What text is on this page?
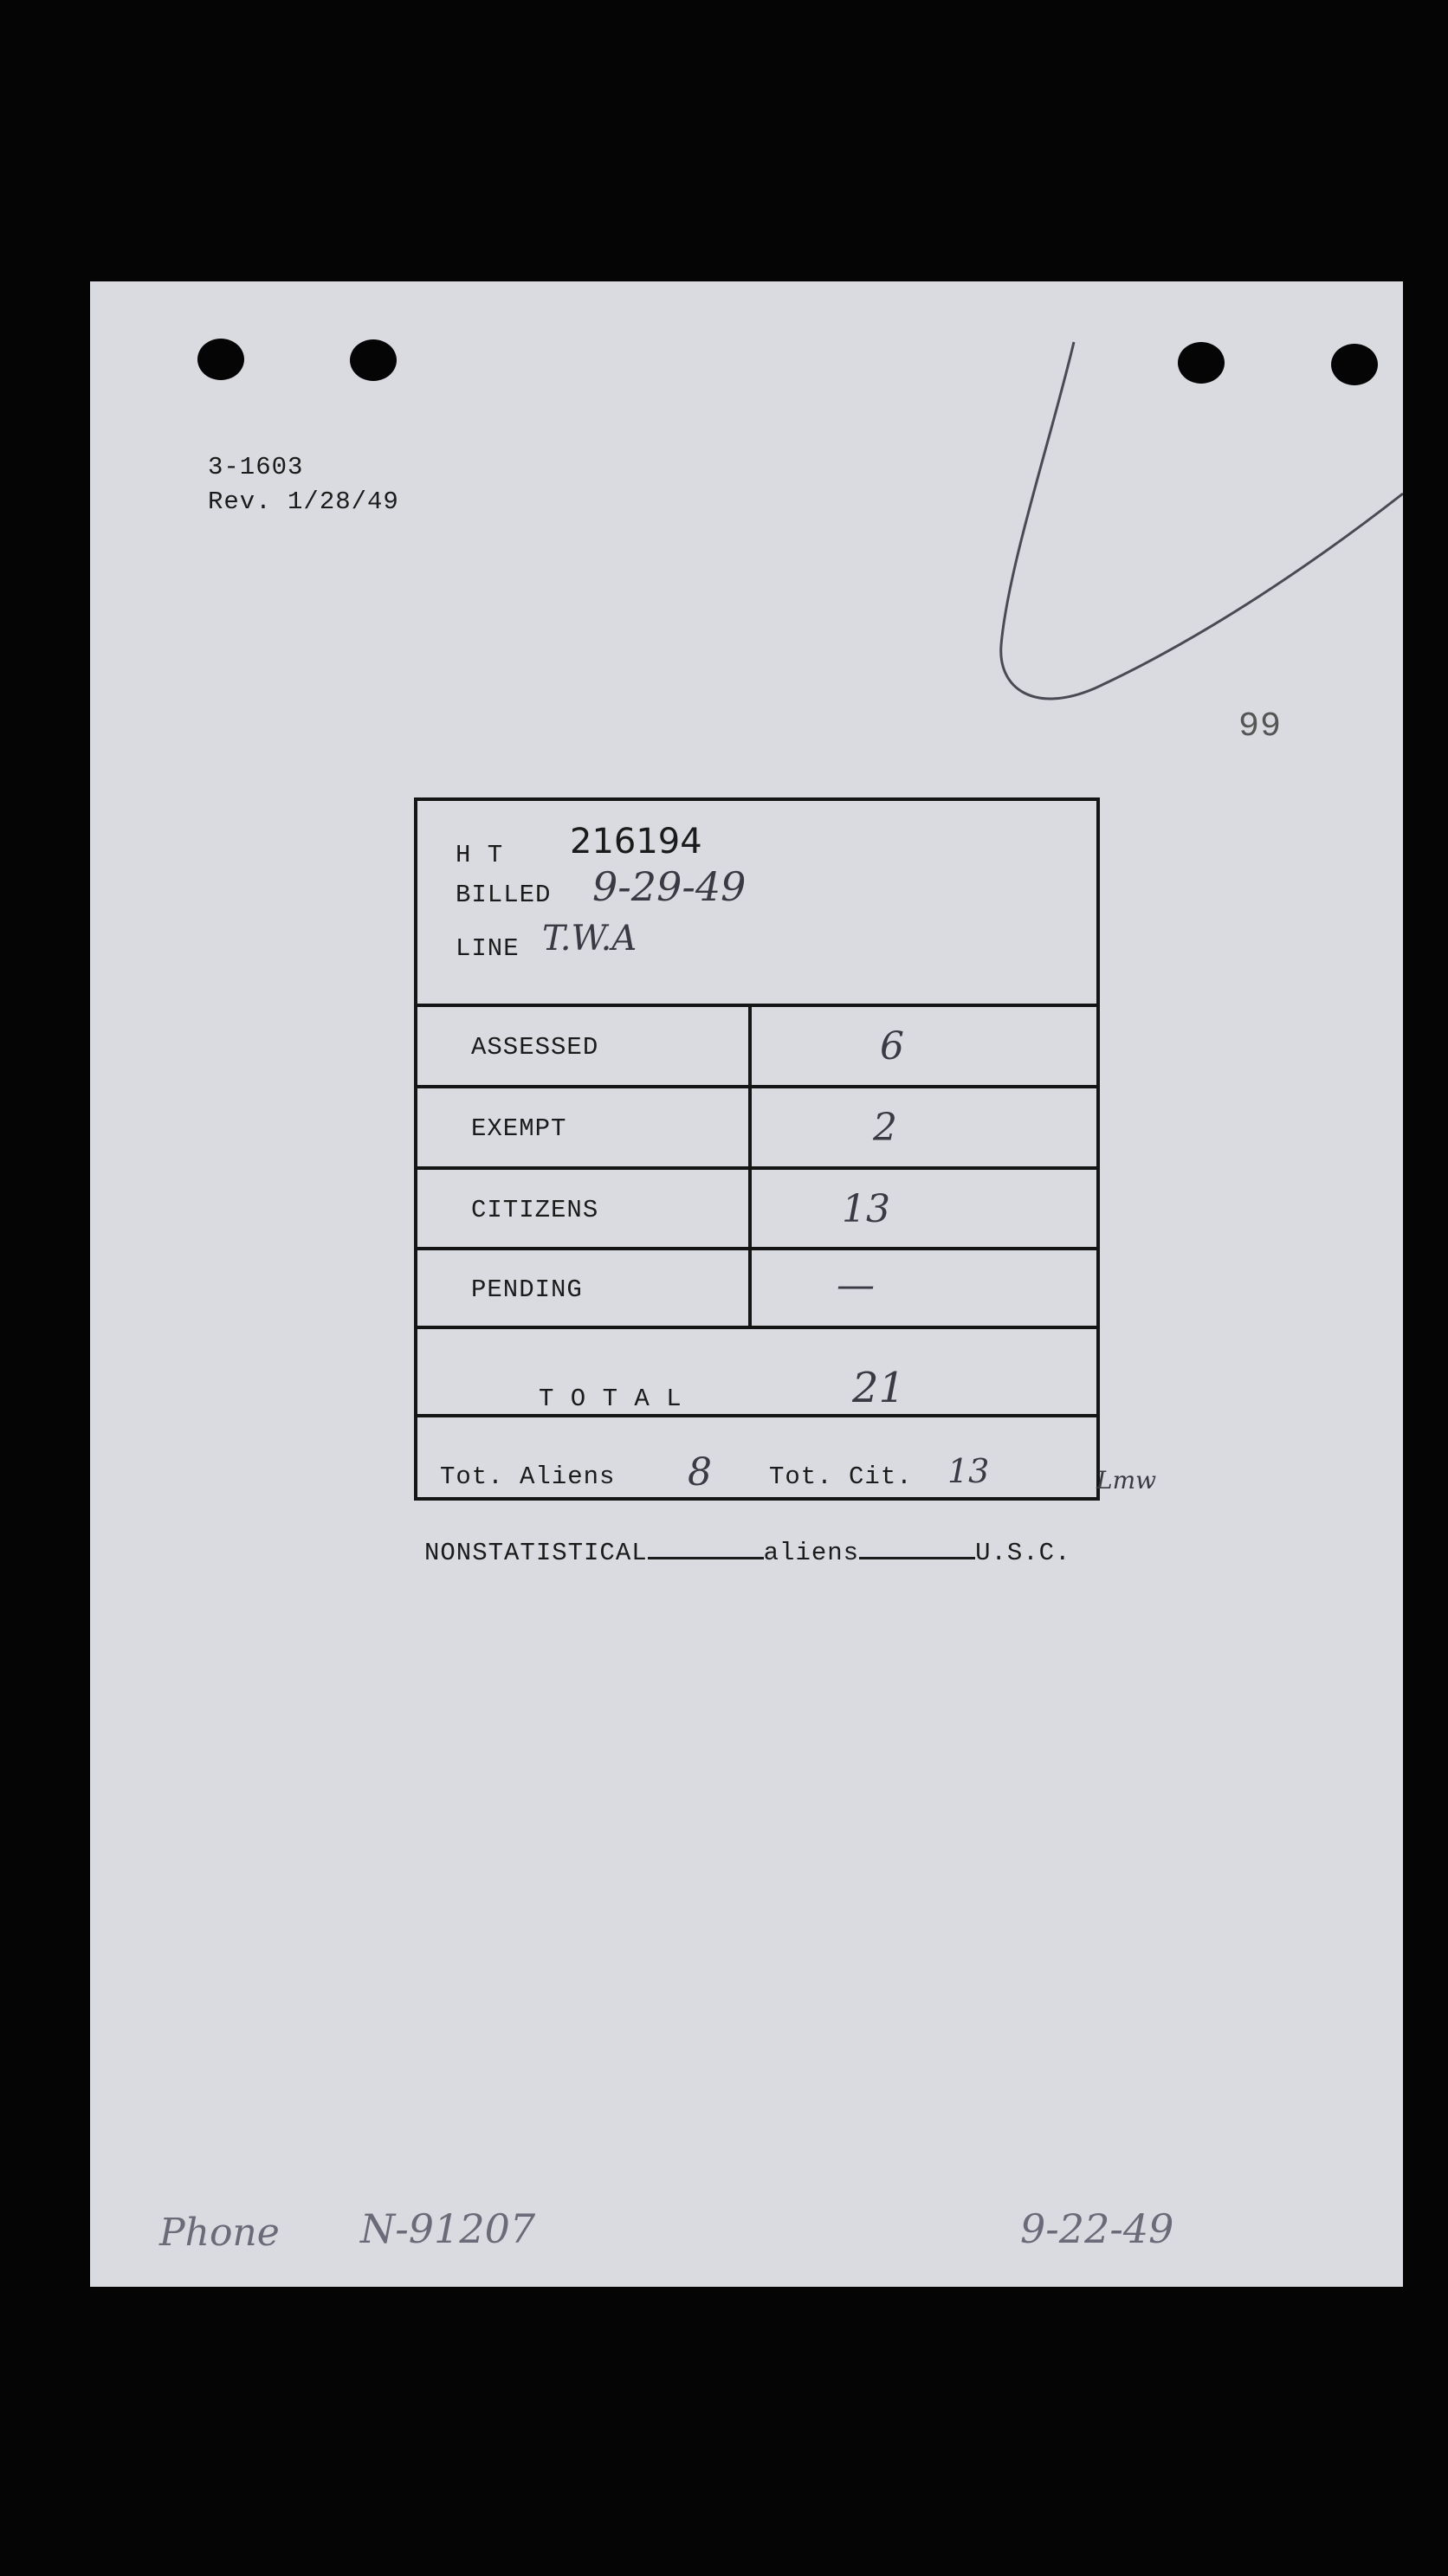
3-1603
Rev. 1/28/49
99
H T 216194
BILLED 9-29-49
LINE T.W.A
ASSESSED	6
EXEMPT	2
CITIZENS	13
PENDING	—
T O T A L	21
Tot. Aliens 8 Tot. Cit. 13	Lmw
NONSTATISTICAL	aliens	U.S.C.
Phone N-91207	9-22-49
